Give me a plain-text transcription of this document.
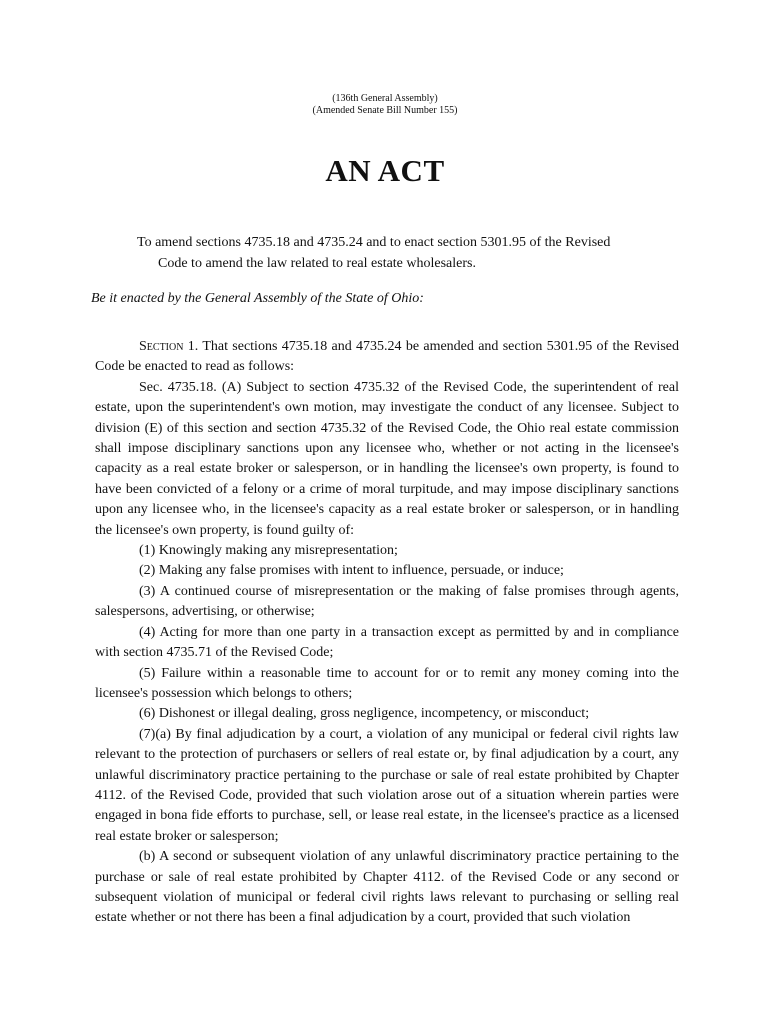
(136th General Assembly)
(Amended Senate Bill Number 155)
AN ACT
To amend sections 4735.18 and 4735.24 and to enact section 5301.95 of the Revised
Code to amend the law related to real estate wholesalers.
Be it enacted by the General Assembly of the State of Ohio:

Section 1. That sections 4735.18 and 4735.24 be amended and section 5301.95 of the Revised Code be enacted to read as follows:

Sec. 4735.18. (A) Subject to section 4735.32 of the Revised Code, the superintendent of real estate, upon the superintendent's own motion, may investigate the conduct of any licensee. Subject to division (E) of this section and section 4735.32 of the Revised Code, the Ohio real estate commission shall impose disciplinary sanctions upon any licensee who, whether or not acting in the licensee's capacity as a real estate broker or salesperson, or in handling the licensee's own property, is found to have been convicted of a felony or a crime of moral turpitude, and may impose disciplinary sanctions upon any licensee who, in the licensee's capacity as a real estate broker or salesperson, or in handling the licensee's own property, is found guilty of:

(1) Knowingly making any misrepresentation;

(2) Making any false promises with intent to influence, persuade, or induce;

(3) A continued course of misrepresentation or the making of false promises through agents, salespersons, advertising, or otherwise;

(4) Acting for more than one party in a transaction except as permitted by and in compliance with section 4735.71 of the Revised Code;

(5) Failure within a reasonable time to account for or to remit any money coming into the licensee's possession which belongs to others;

(6) Dishonest or illegal dealing, gross negligence, incompetency, or misconduct;

(7)(a) By final adjudication by a court, a violation of any municipal or federal civil rights law relevant to the protection of purchasers or sellers of real estate or, by final adjudication by a court, any unlawful discriminatory practice pertaining to the purchase or sale of real estate prohibited by Chapter 4112. of the Revised Code, provided that such violation arose out of a situation wherein parties were engaged in bona fide efforts to purchase, sell, or lease real estate, in the licensee's practice as a licensed real estate broker or salesperson;

(b) A second or subsequent violation of any unlawful discriminatory practice pertaining to the purchase or sale of real estate prohibited by Chapter 4112. of the Revised Code or any second or subsequent violation of municipal or federal civil rights laws relevant to purchasing or selling real estate whether or not there has been a final adjudication by a court, provided that such violation
